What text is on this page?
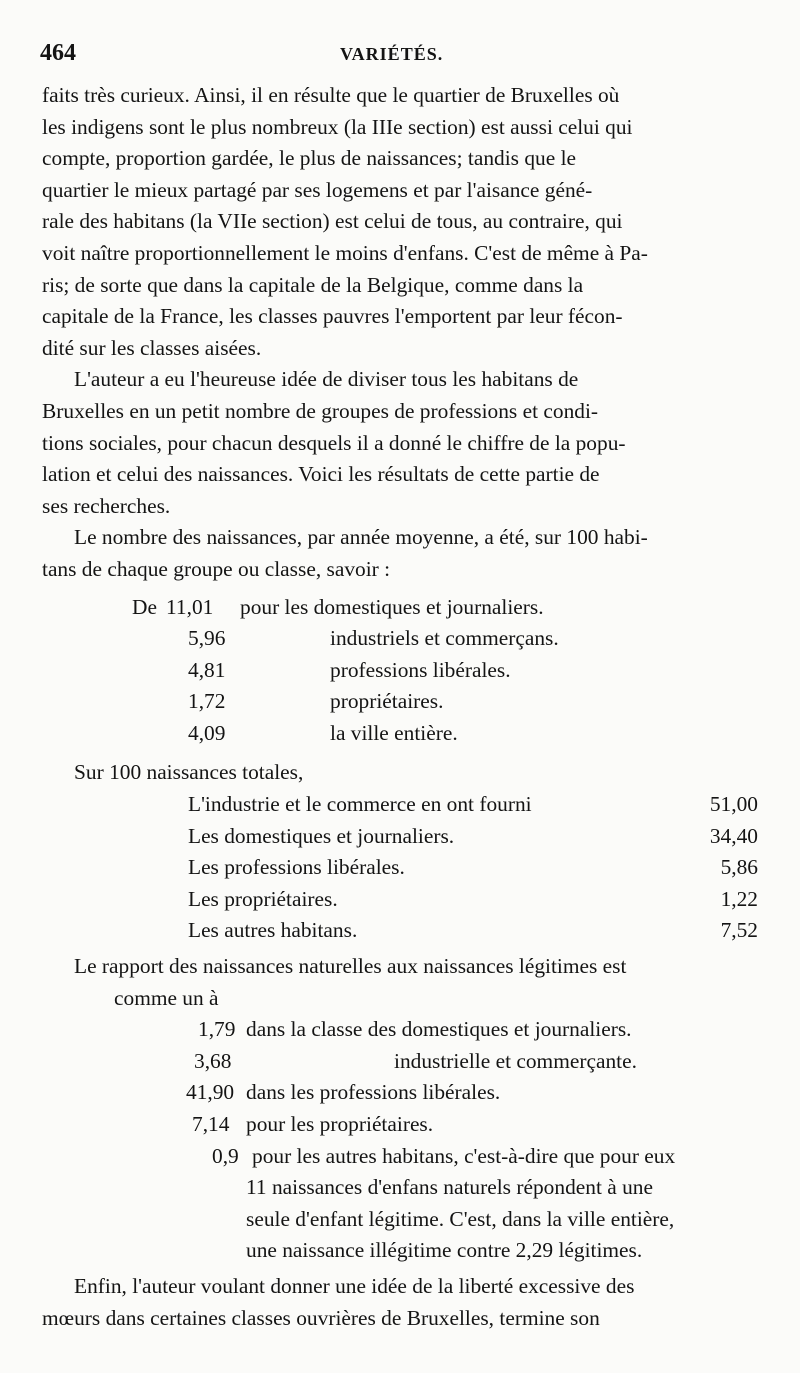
464	VARIÉTÉS.

faits très curieux. Ainsi, il en résulte que le quartier de Bruxelles où
les indigens sont le plus nombreux (la IIIe section) est aussi celui qui
compte, proportion gardée, le plus de naissances; tandis que le
quartier le mieux partagé par ses logemens et par l'aisance géné-
rale des habitans (la VIIe section) est celui de tous, au contraire, qui
voit naître proportionnellement le moins d'enfans. C'est de même à Pa-
ris; de sorte que dans la capitale de la Belgique, comme dans la
capitale de la France, les classes pauvres l'emportent par leur fécon-
dité sur les classes aisées.

L'auteur a eu l'heureuse idée de diviser tous les habitans de
Bruxelles en un petit nombre de groupes de professions et condi-
tions sociales, pour chacun desquels il a donné le chiffre de la popu-
lation et celui des naissances. Voici les résultats de cette partie de
ses recherches.

Le nombre des naissances, par année moyenne, a été, sur 100 habi-
tans de chaque groupe ou classe, savoir :

De 11,01 pour les domestiques et journaliers.
5,96	industriels et commerçans.
4,81	professions libérales.
1,72	propriétaires.
4,09	la ville entière.
Sur 100 naissances totales,
L'industrie et le commerce en ont fourni	51,00
Les domestiques et journaliers.	34,40
Les professions libérales.	5,86
Les propriétaires.	1,22
Les autres habitans.	7,52

Le rapport des naissances naturelles aux naissances légitimes est
comme un à

1,79 dans la classe des domestiques et journaliers.
3,68	industrielle et commerçante.
41,90 dans les professions libérales.
7,14 pour les propriétaires.
0,9 pour les autres habitans, c'est-à-dire que pour eux
11 naissances d'enfans naturels répondent à une
seule d'enfant légitime. C'est, dans la ville entière,
une naissance illégitime contre 2,29 légitimes.

Enfin, l'auteur voulant donner une idée de la liberté excessive des
mœurs dans certaines classes ouvrières de Bruxelles, termine son
